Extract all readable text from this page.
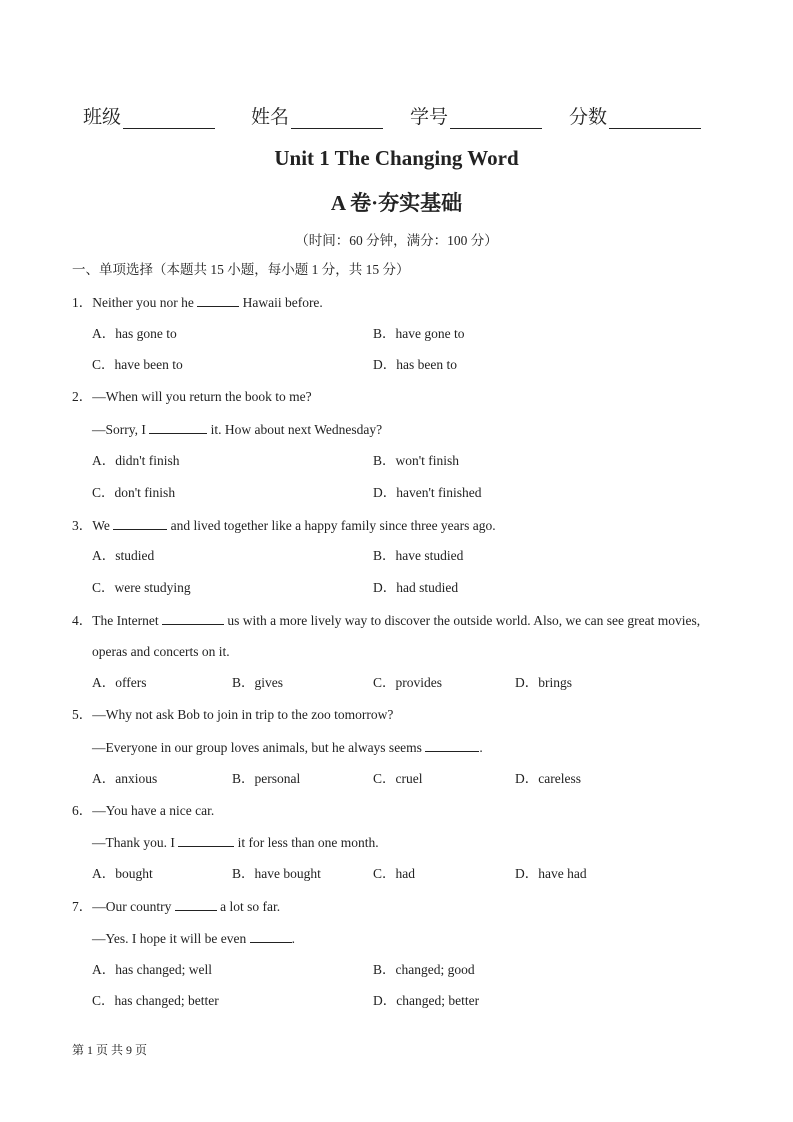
班级	姓名	学号	分数
Unit 1 The Changing Word
A 卷·夯实基础
（时间：60 分钟，满分：100 分）
一、单项选择（本题共 15 小题，每小题 1 分，共 15 分）
1．Neither you nor he	Hawaii before.
A．has gone to	B．have gone to
C．have been to	D．has been to
2．—When will you return the book to me?
—Sorry, I	it. How about next Wednesday?
A．didn't finish	B．won't finish
C．don't finish	D．haven't finished
3．We	and lived together like a happy family since three years ago.
A．studied	B．have studied
C．were studying	D．had studied
4．The Internet	us with a more lively way to discover the outside world. Also, we can see great movies,
operas and concerts on it.
A．offers	B．gives	C．provides	D．brings
5．—Why not ask Bob to join in trip to the zoo tomorrow?
—Everyone in our group loves animals, but he always seems	.
A．anxious	B．personal	C．cruel	D．careless
6．—You have a nice car.
—Thank you. I	it for less than one month.
A．bought	B．have bought	C．had	D．have had
7．—Our country	a lot so far.
—Yes. I hope it will be even	.
A．has changed; well	B．changed; good
C．has changed; better	D．changed; better
第 1 页 共 9 页
